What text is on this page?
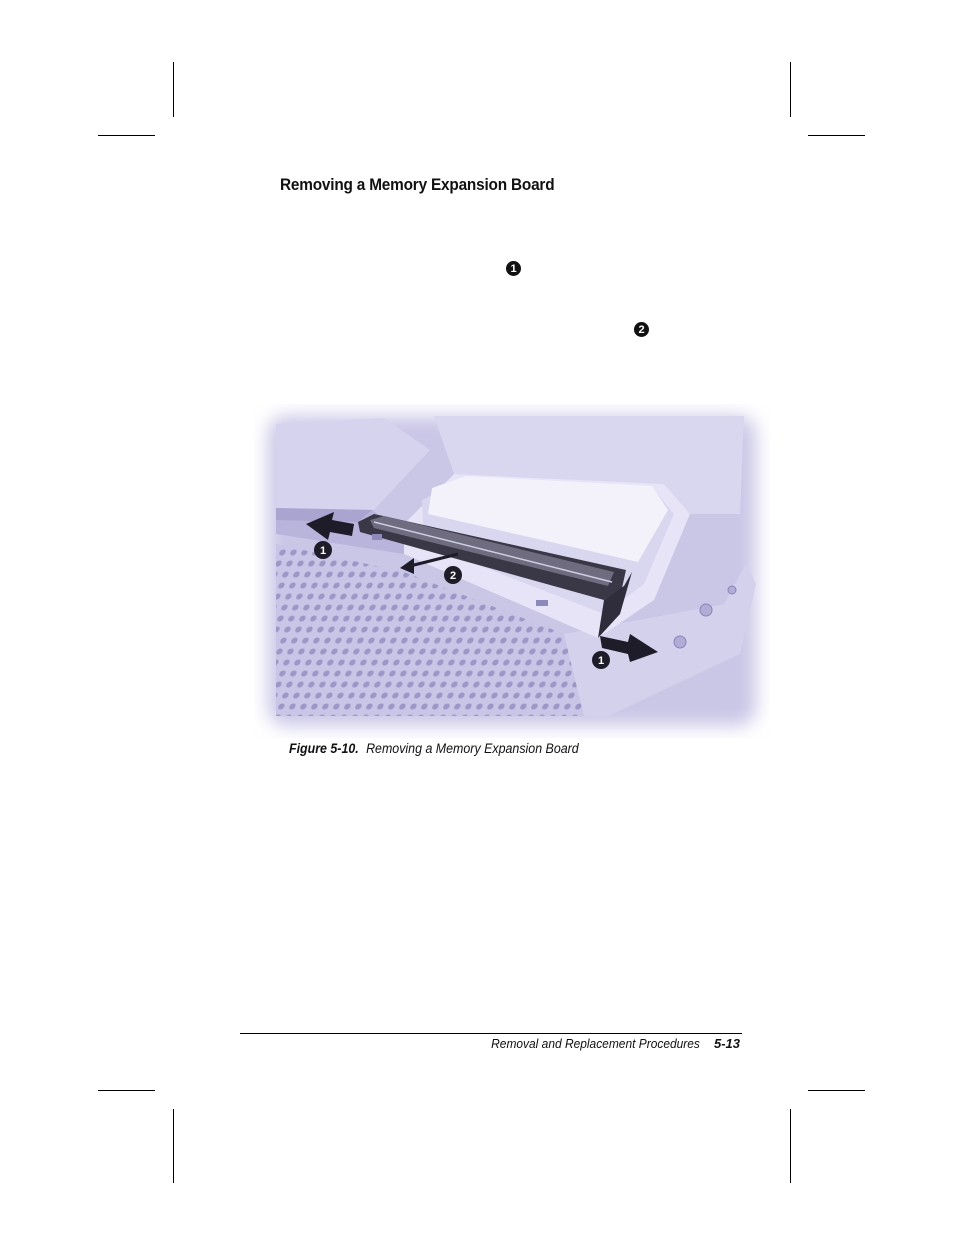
Removing a Memory Expansion Board
1
2
1
2
1
Figure 5-10. Removing a Memory Expansion Board
Removal and Replacement Procedures 5-13
